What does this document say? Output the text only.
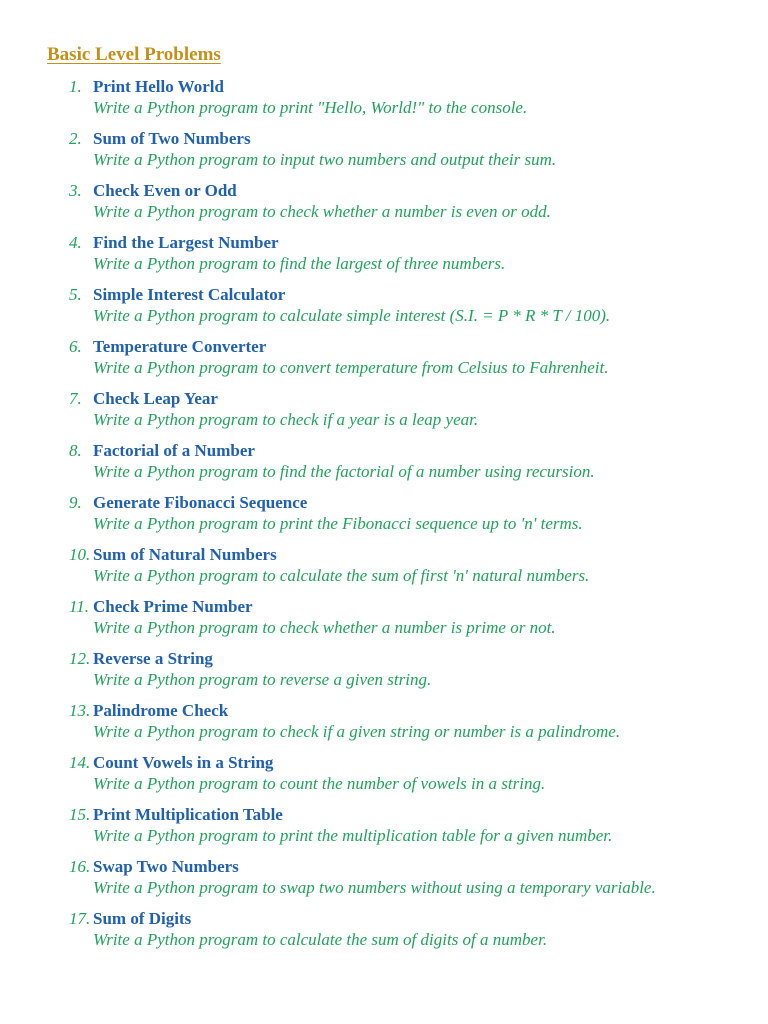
Basic Level Problems
1. Print Hello World
Write a Python program to print "Hello, World!" to the console.
2. Sum of Two Numbers
Write a Python program to input two numbers and output their sum.
3. Check Even or Odd
Write a Python program to check whether a number is even or odd.
4. Find the Largest Number
Write a Python program to find the largest of three numbers.
5. Simple Interest Calculator
Write a Python program to calculate simple interest (S.I. = P * R * T / 100).
6. Temperature Converter
Write a Python program to convert temperature from Celsius to Fahrenheit.
7. Check Leap Year
Write a Python program to check if a year is a leap year.
8. Factorial of a Number
Write a Python program to find the factorial of a number using recursion.
9. Generate Fibonacci Sequence
Write a Python program to print the Fibonacci sequence up to 'n' terms.
10. Sum of Natural Numbers
Write a Python program to calculate the sum of first 'n' natural numbers.
11. Check Prime Number
Write a Python program to check whether a number is prime or not.
12. Reverse a String
Write a Python program to reverse a given string.
13. Palindrome Check
Write a Python program to check if a given string or number is a palindrome.
14. Count Vowels in a String
Write a Python program to count the number of vowels in a string.
15. Print Multiplication Table
Write a Python program to print the multiplication table for a given number.
16. Swap Two Numbers
Write a Python program to swap two numbers without using a temporary variable.
17. Sum of Digits
Write a Python program to calculate the sum of digits of a number.
